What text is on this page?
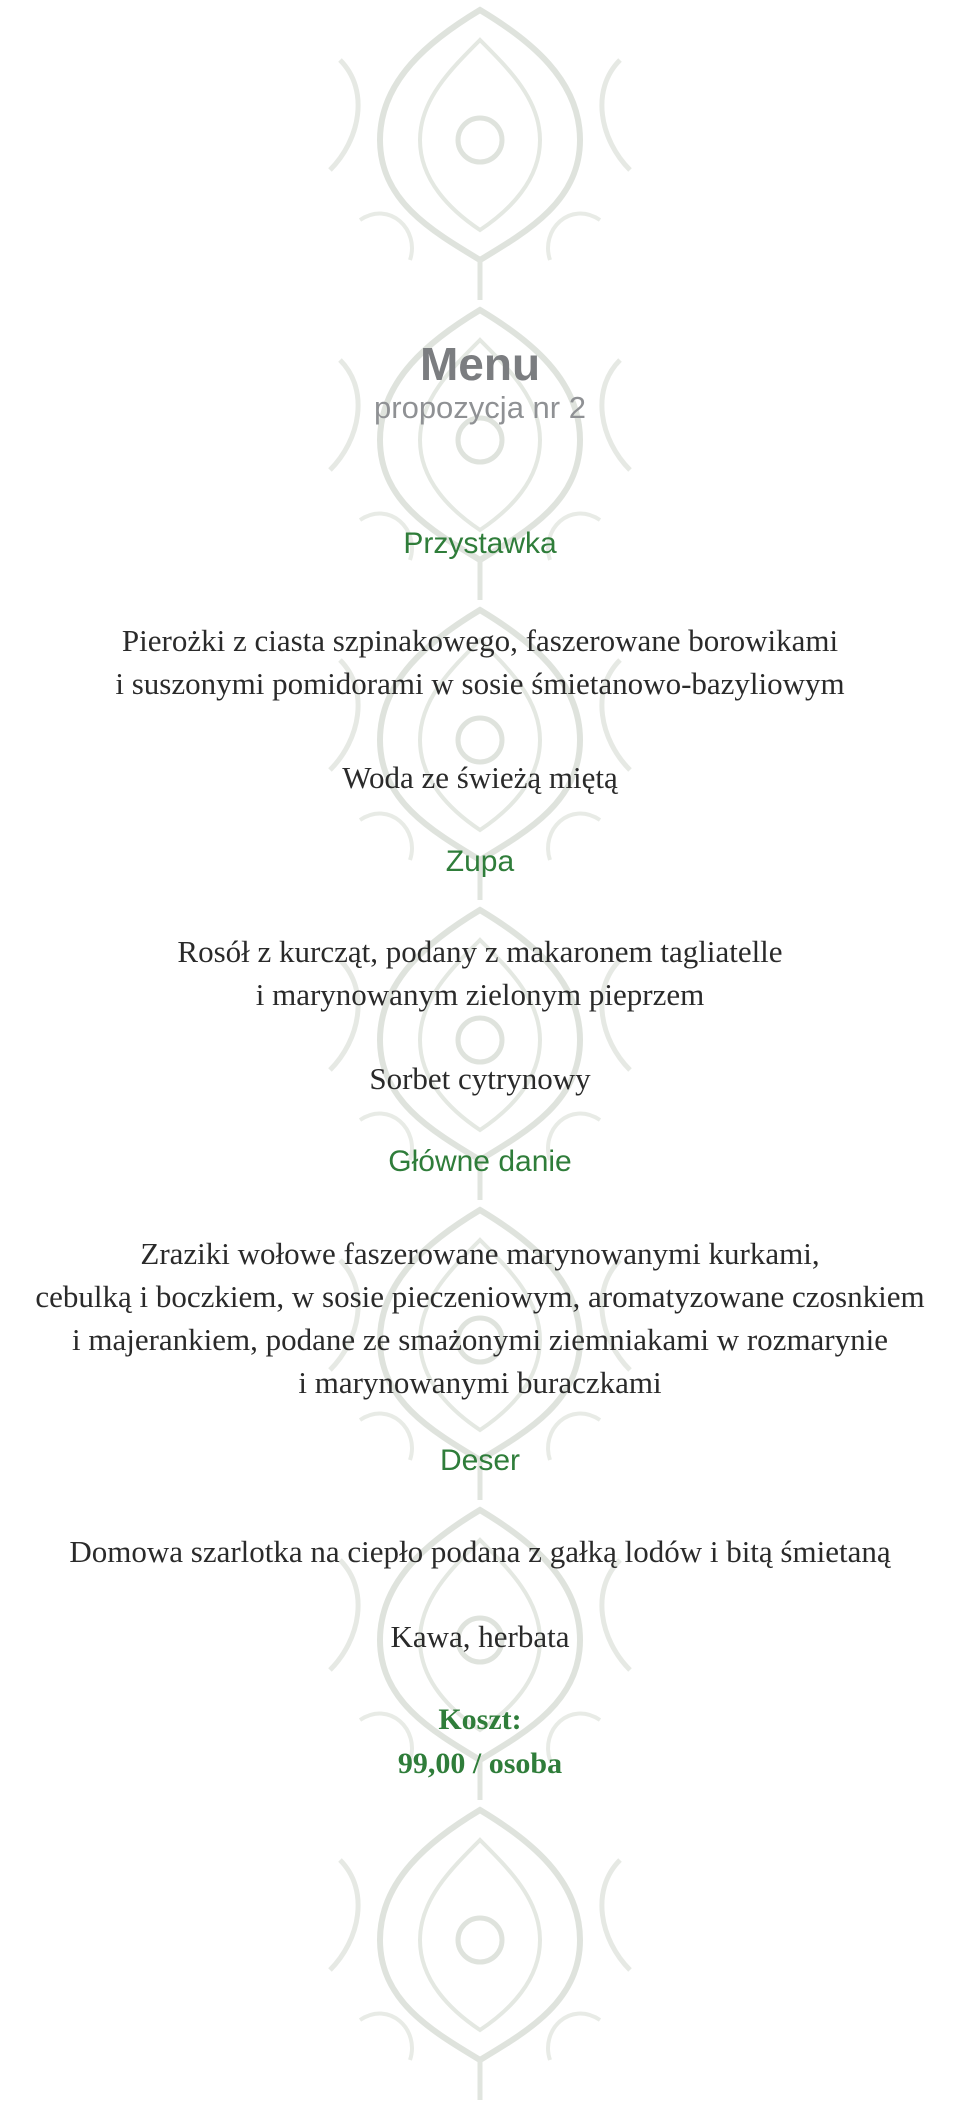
Menu
propozycja nr 2
Przystawka
Pierożki z ciasta szpinakowego, faszerowane borowikami
i suszonymi pomidorami w sosie śmietanowo-bazyliowym
Woda ze świeżą miętą
Zupa
Rosół z kurcząt, podany z makaronem tagliatelle
i marynowanym zielonym pieprzem
Sorbet cytrynowy
Główne danie
Zraziki wołowe faszerowane marynowanymi kurkami,
cebulką i boczkiem, w sosie pieczeniowym, aromatyzowane czosnkiem
i majerankiem, podane ze smażonymi ziemniakami w rozmarynie
i marynowanymi buraczkami
Deser
Domowa szarlotka na ciepło podana z gałką lodów i bitą śmietaną
Kawa, herbata
Koszt:
99,00 / osoba
